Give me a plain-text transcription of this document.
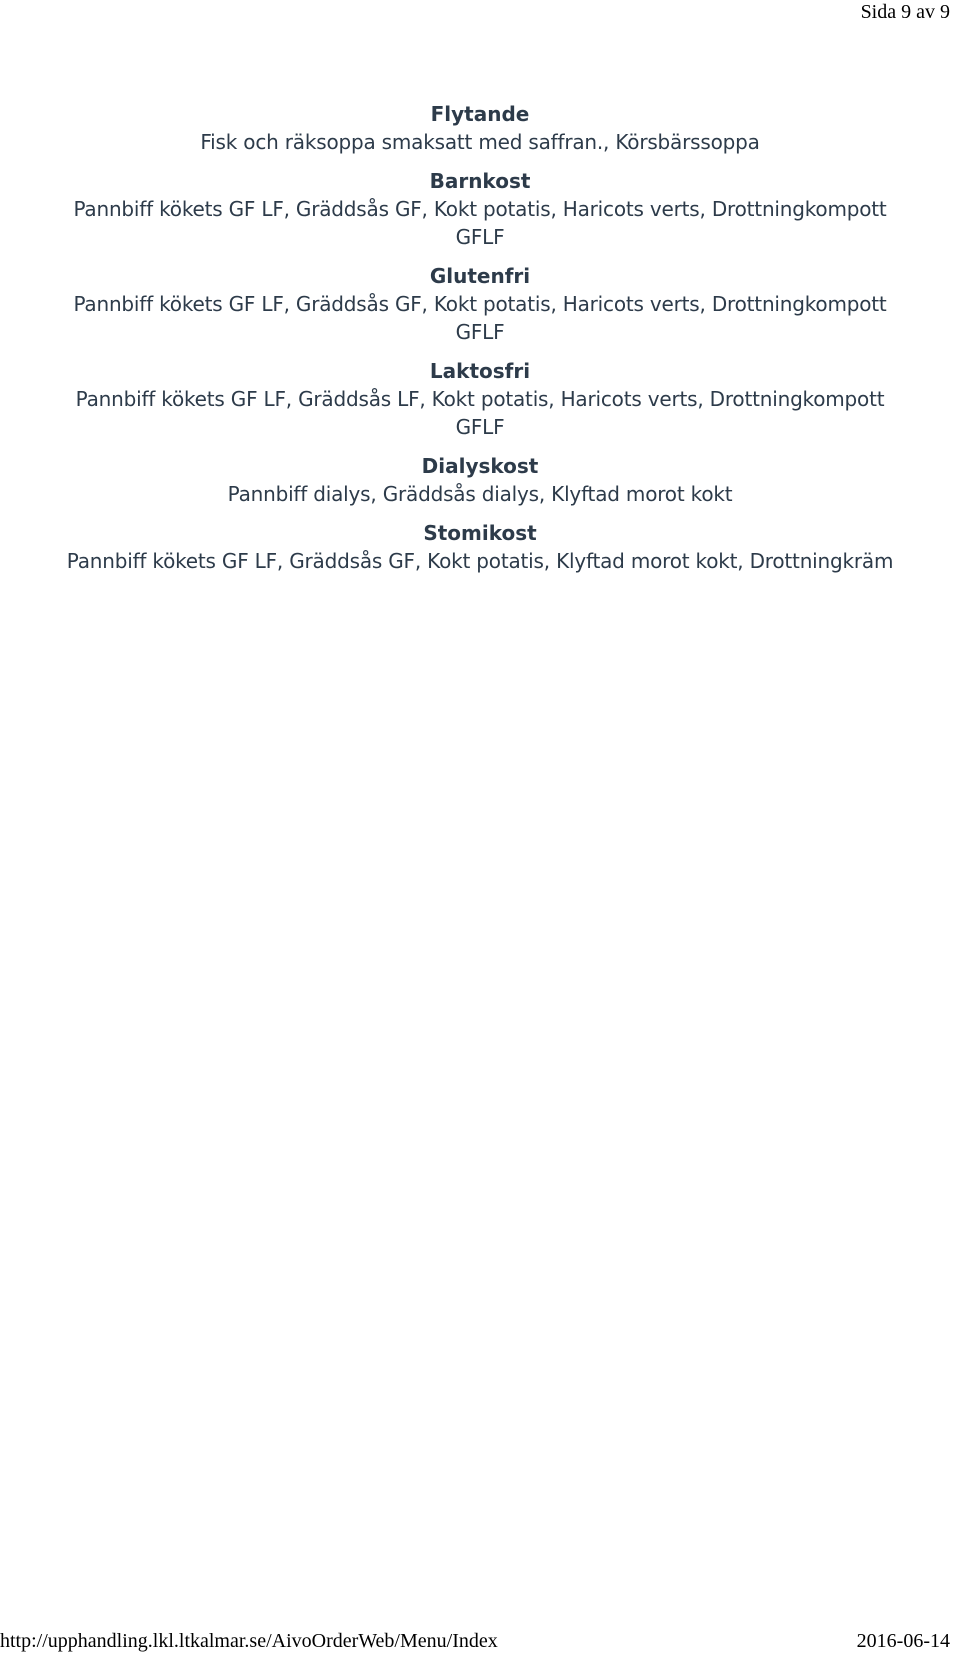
Sida 9 av 9
Flytande
Fisk och räksoppa smaksatt med saffran., Körsbärssoppa
Barnkost
Pannbiff kökets GF LF, Gräddsås GF, Kokt potatis, Haricots verts, Drottningkompott GFLF
Glutenfri
Pannbiff kökets GF LF, Gräddsås GF, Kokt potatis, Haricots verts, Drottningkompott GFLF
Laktosfri
Pannbiff kökets GF LF, Gräddsås LF, Kokt potatis, Haricots verts, Drottningkompott GFLF
Dialyskost
Pannbiff dialys, Gräddsås dialys, Klyftad morot kokt
Stomikost
Pannbiff kökets GF LF, Gräddsås GF, Kokt potatis, Klyftad morot kokt, Drottningkräm
http://upphandling.lkl.ltkalmar.se/AivoOrderWeb/Menu/Index	2016-06-14
